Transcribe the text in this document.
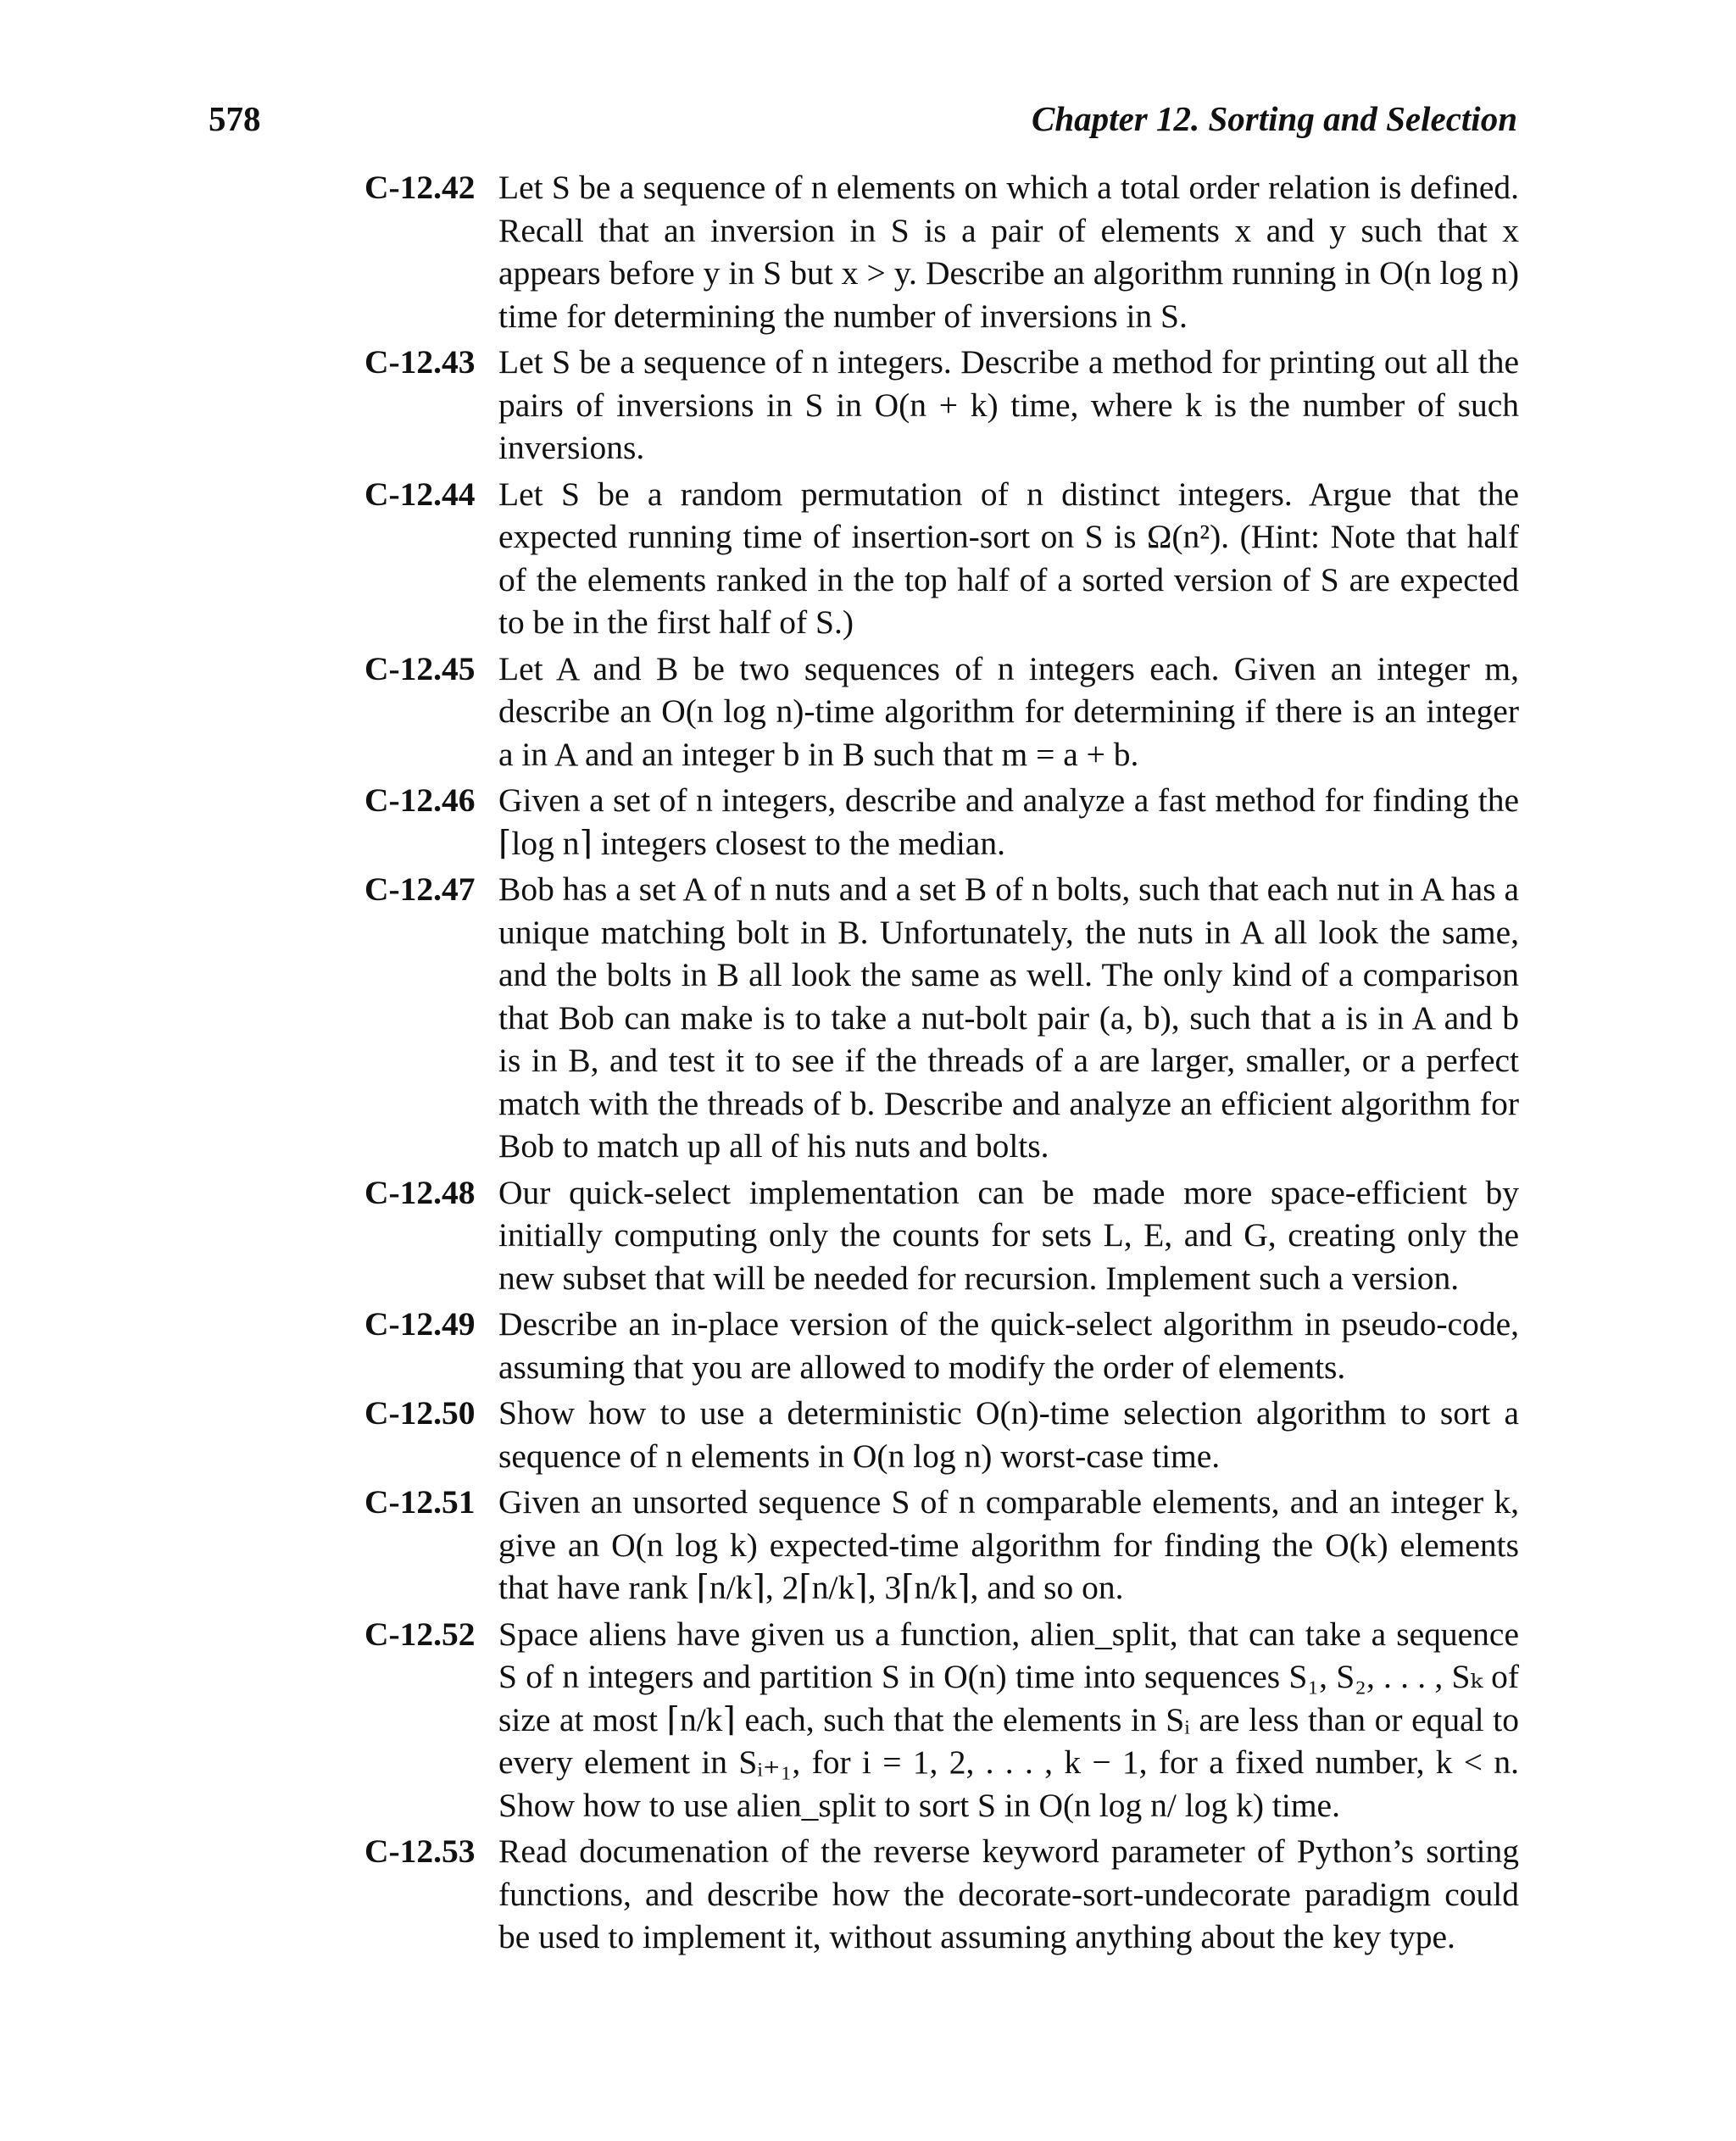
578	Chapter 12. Sorting and Selection
C-12.42 Let S be a sequence of n elements on which a total order relation is defined. Recall that an inversion in S is a pair of elements x and y such that x appears before y in S but x > y. Describe an algorithm running in O(n log n) time for determining the number of inversions in S.
C-12.43 Let S be a sequence of n integers. Describe a method for printing out all the pairs of inversions in S in O(n + k) time, where k is the number of such inversions.
C-12.44 Let S be a random permutation of n distinct integers. Argue that the expected running time of insertion-sort on S is Ω(n²). (Hint: Note that half of the elements ranked in the top half of a sorted version of S are expected to be in the first half of S.)
C-12.45 Let A and B be two sequences of n integers each. Given an integer m, describe an O(n log n)-time algorithm for determining if there is an integer a in A and an integer b in B such that m = a + b.
C-12.46 Given a set of n integers, describe and analyze a fast method for finding the ⌈log n⌉ integers closest to the median.
C-12.47 Bob has a set A of n nuts and a set B of n bolts, such that each nut in A has a unique matching bolt in B. Unfortunately, the nuts in A all look the same, and the bolts in B all look the same as well. The only kind of a comparison that Bob can make is to take a nut-bolt pair (a, b), such that a is in A and b is in B, and test it to see if the threads of a are larger, smaller, or a perfect match with the threads of b. Describe and analyze an efficient algorithm for Bob to match up all of his nuts and bolts.
C-12.48 Our quick-select implementation can be made more space-efficient by initially computing only the counts for sets L, E, and G, creating only the new subset that will be needed for recursion. Implement such a version.
C-12.49 Describe an in-place version of the quick-select algorithm in pseudo-code, assuming that you are allowed to modify the order of elements.
C-12.50 Show how to use a deterministic O(n)-time selection algorithm to sort a sequence of n elements in O(n log n) worst-case time.
C-12.51 Given an unsorted sequence S of n comparable elements, and an integer k, give an O(n log k) expected-time algorithm for finding the O(k) elements that have rank ⌈n/k⌉, 2⌈n/k⌉, 3⌈n/k⌉, and so on.
C-12.52 Space aliens have given us a function, alien_split, that can take a sequence S of n integers and partition S in O(n) time into sequences S₁, S₂, . . . , Sₖ of size at most ⌈n/k⌉ each, such that the elements in Sᵢ are less than or equal to every element in Sᵢ₊₁, for i = 1, 2, . . . , k − 1, for a fixed number, k < n. Show how to use alien_split to sort S in O(n log n/ log k) time.
C-12.53 Read documenation of the reverse keyword parameter of Python’s sorting functions, and describe how the decorate-sort-undecorate paradigm could be used to implement it, without assuming anything about the key type.
